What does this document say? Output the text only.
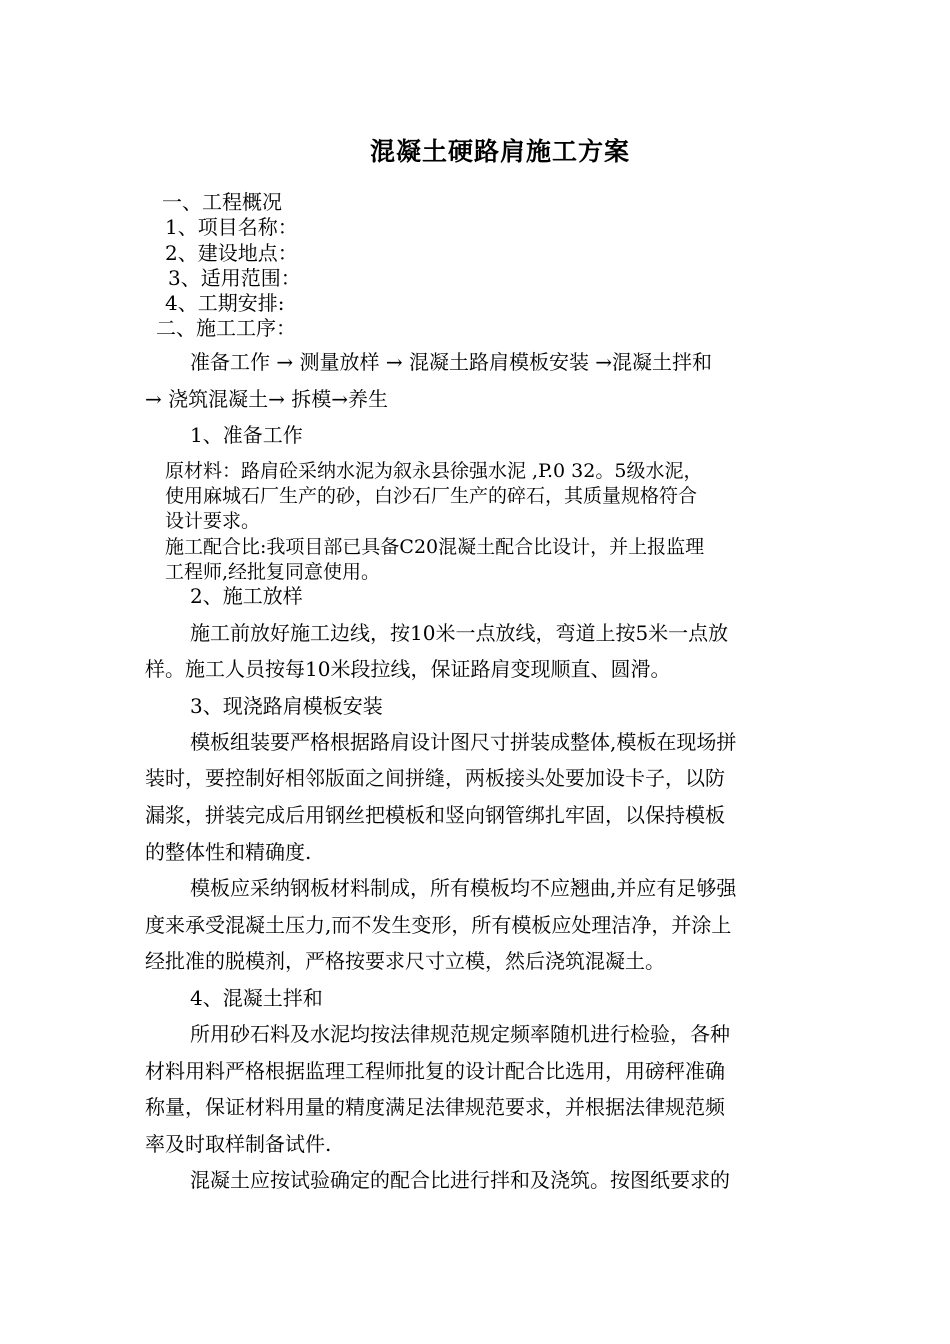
混凝土硬路肩施工方案
一、工程概况
1、项目名称：
2、建设地点：
3、适用范围：
4、工期安排:
二、施工工序：
准备工作 → 测量放样 → 混凝土路肩模板安装 →混凝土拌和
→ 浇筑混凝土→ 拆模→养生
1、准备工作
原材料：路肩砼采纳水泥为叙永县徐强水泥 ,P.0 32。5级水泥，
使用麻城石厂生产的砂，白沙石厂生产的碎石，其质量规格符合
设计要求。
施工配合比:我项目部已具备C20混凝土配合比设计，并上报监理
工程师,经批复同意使用。
2、施工放样
施工前放好施工边线，按10米一点放线，弯道上按5米一点放
样。施工人员按每10米段拉线，保证路肩变现顺直、圆滑。
3、现浇路肩模板安装
模板组装要严格根据路肩设计图尺寸拼装成整体,模板在现场拼
装时，要控制好相邻版面之间拼缝，两板接头处要加设卡子，以防
漏浆，拼装完成后用钢丝把模板和竖向钢管绑扎牢固，以保持模板
的整体性和精确度.
模板应采纳钢板材料制成，所有模板均不应翘曲,并应有足够强
度来承受混凝土压力,而不发生变形，所有模板应处理洁净，并涂上
经批准的脱模剂，严格按要求尺寸立模，然后浇筑混凝土。
4、混凝土拌和
所用砂石料及水泥均按法律规范规定频率随机进行检验，各种
材料用料严格根据监理工程师批复的设计配合比选用，用磅秤准确
称量，保证材料用量的精度满足法律规范要求，并根据法律规范频
率及时取样制备试件.
混凝土应按试验确定的配合比进行拌和及浇筑。按图纸要求的
